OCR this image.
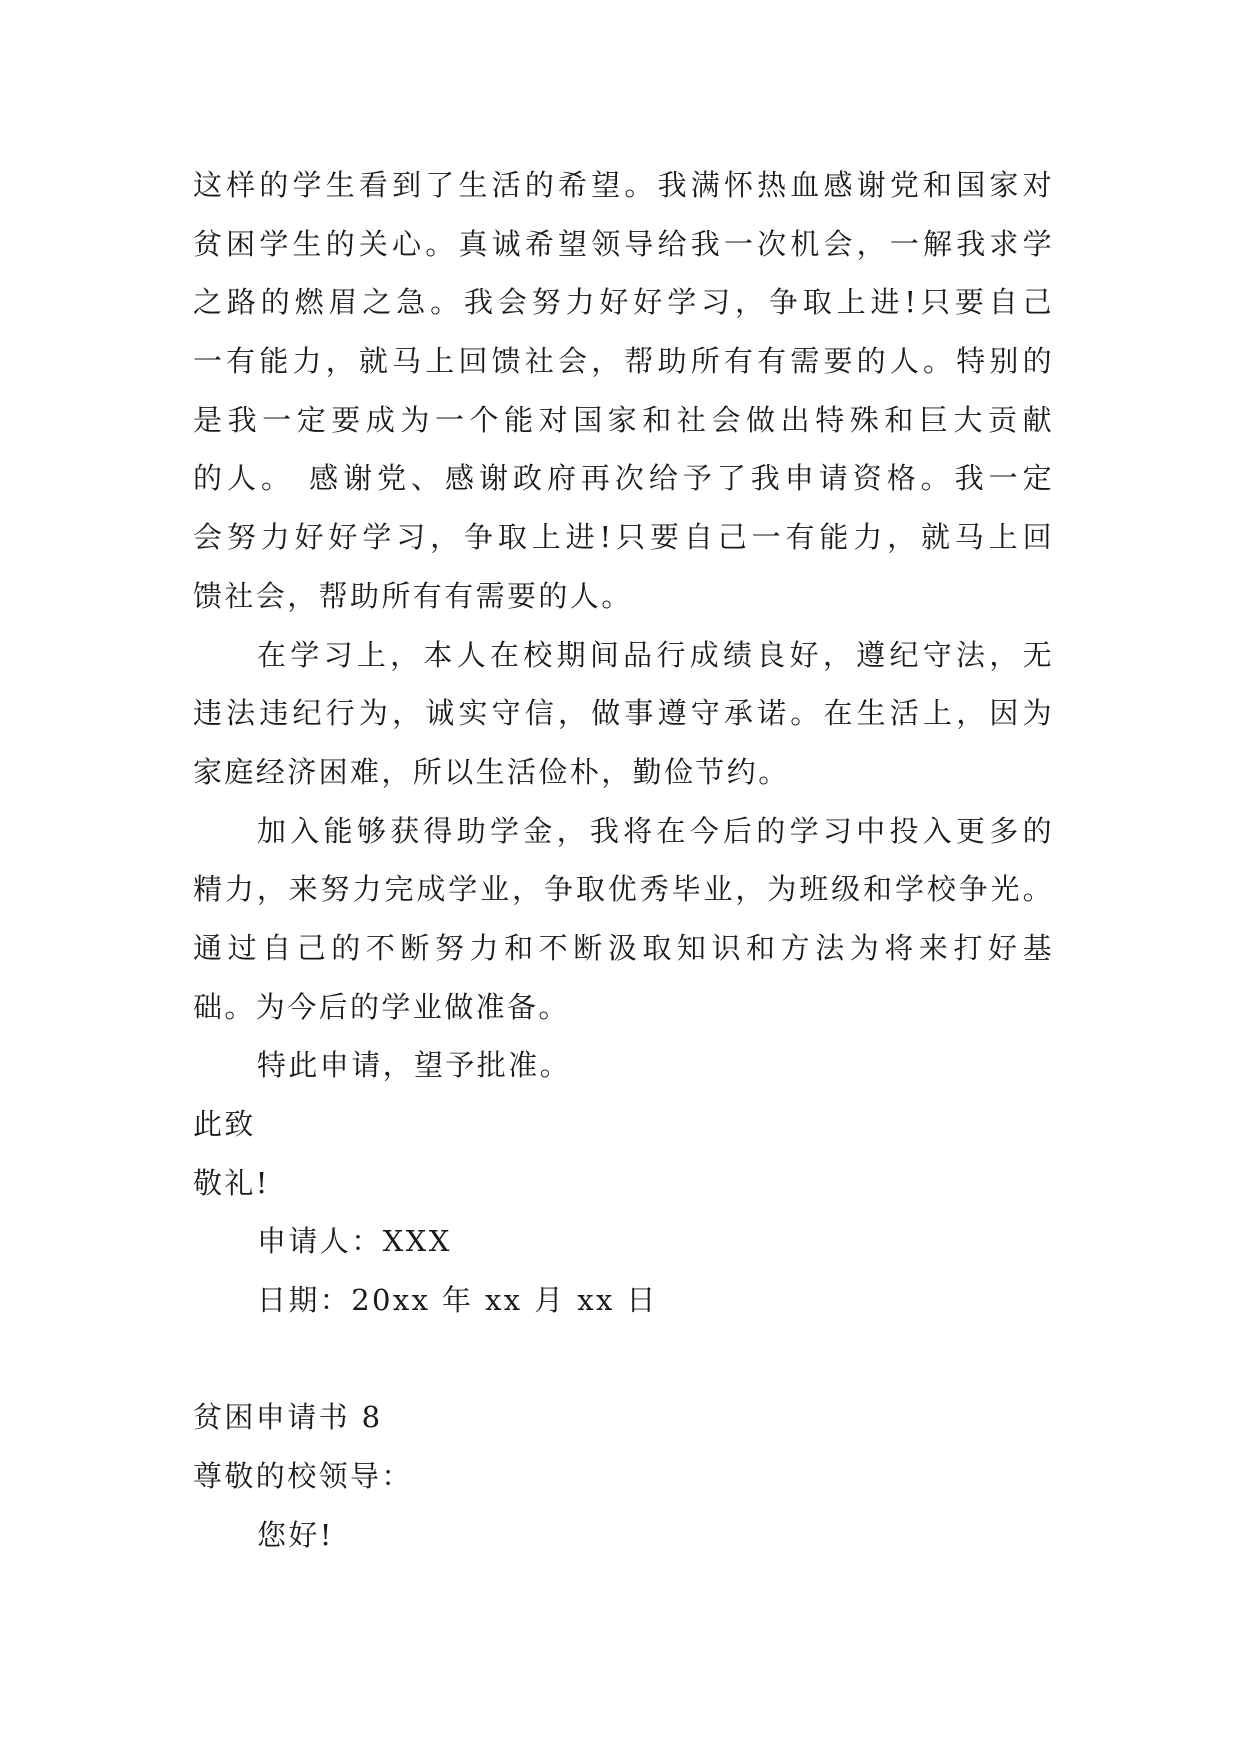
这样的学生看到了生活的希望。我满怀热血感谢党和国家对
贫困学生的关心。真诚希望领导给我一次机会，一解我求学
之路的燃眉之急。我会努力好好学习，争取上进!只要自己
一有能力，就马上回馈社会，帮助所有有需要的人。特别的
是我一定要成为一个能对国家和社会做出特殊和巨大贡献
的人。 感谢党、感谢政府再次给予了我申请资格。我一定
会努力好好学习，争取上进!只要自己一有能力，就马上回
馈社会，帮助所有有需要的人。
在学习上，本人在校期间品行成绩良好，遵纪守法，无
违法违纪行为，诚实守信，做事遵守承诺。在生活上，因为
家庭经济困难，所以生活俭朴，勤俭节约。
加入能够获得助学金，我将在今后的学习中投入更多的
精力，来努力完成学业，争取优秀毕业，为班级和学校争光。
通过自己的不断努力和不断汲取知识和方法为将来打好基
础。为今后的学业做准备。
特此申请，望予批准。
此致
敬礼!
申请人：XXX
日期：20xx 年 xx 月 xx 日
贫困申请书 8
尊敬的校领导：
您好!
